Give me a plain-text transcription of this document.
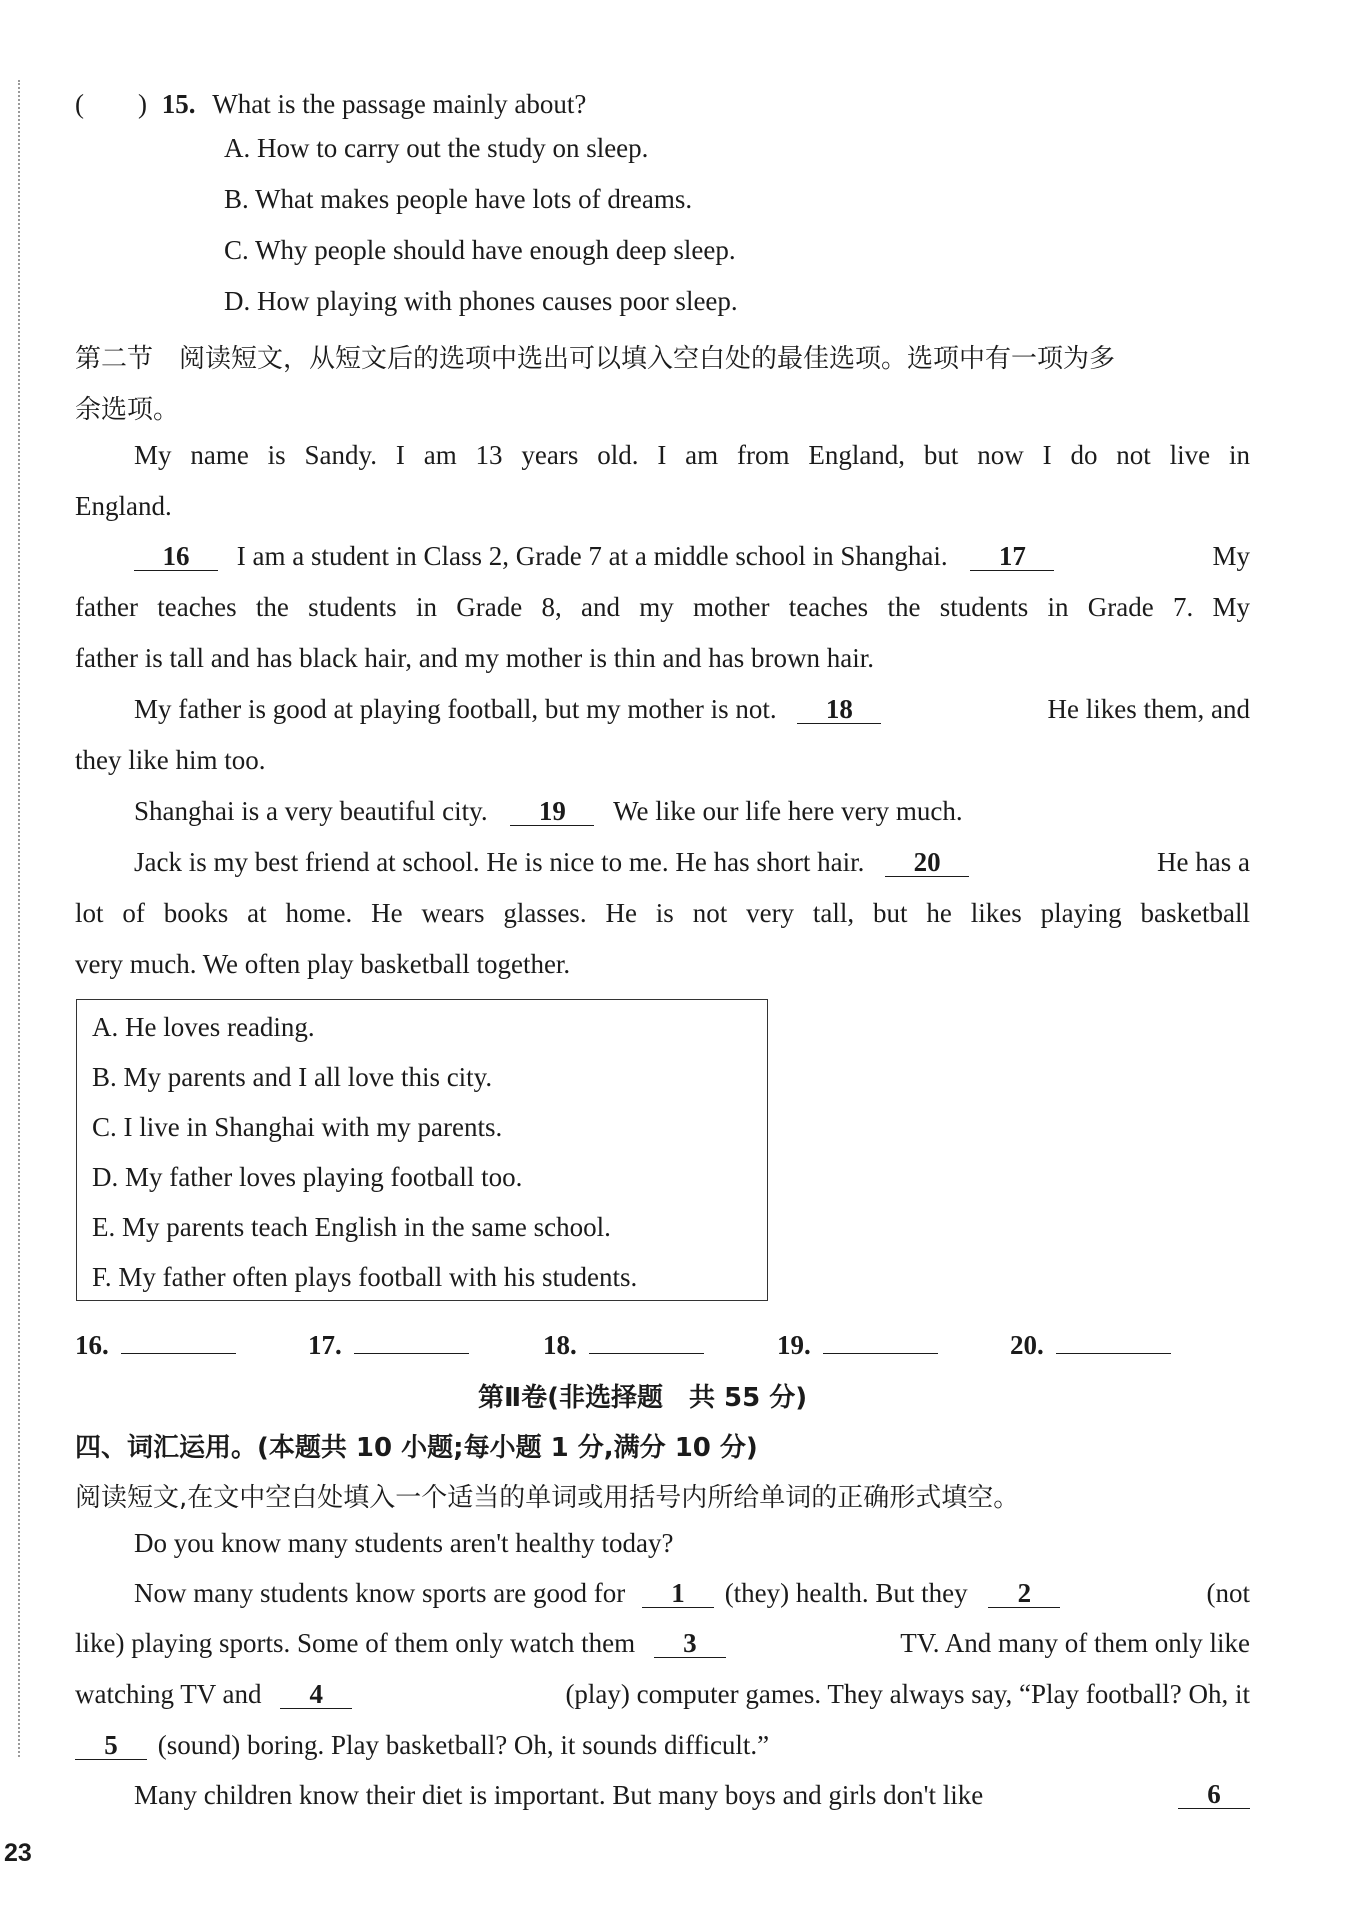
(　　) 15. What is the passage mainly about?
A. How to carry out the study on sleep.
B. What makes people have lots of dreams.
C. Why people should have enough deep sleep.
D. How playing with phones causes poor sleep.
第二节　阅读短文，从短文后的选项中选出可以填入空白处的最佳选项。选项中有一项为多
余选项。
My name is Sandy. I am 13 years old. I am from England, but now I do not live in
England.
16 I am a student in Class 2, Grade 7 at a middle school in Shanghai. 17	My
father teaches the students in Grade 8, and my mother teaches the students in Grade 7. My
father is tall and has black hair, and my mother is thin and has brown hair.
My father is good at playing football, but my mother is not. 18	He likes them, and
they like him too.
Shanghai is a very beautiful city. 19 We like our life here very much.
Jack is my best friend at school. He is nice to me. He has short hair. 20	He has a
lot of books at home. He wears glasses. He is not very tall, but he likes playing basketball
very much. We often play basketball together.
A. He loves reading.
B. My parents and I all love this city.
C. I live in Shanghai with my parents.
D. My father loves playing football too.
E. My parents teach English in the same school.
F. My father often plays football with his students.
16.	17.	18.	19.	20.
第Ⅱ卷(非选择题　共 55 分)
四、词汇运用。(本题共 10 小题;每小题 1 分,满分 10 分)
阅读短文,在文中空白处填入一个适当的单词或用括号内所给单词的正确形式填空。
Do you know many students aren't healthy today?
Now many students know sports are good for 1 (they) health. But they 2	(not
like) playing sports. Some of them only watch them 3	TV. And many of them only like
watching TV and 4	(play) computer games. They always say, “Play football? Oh, it
5 (sound) boring. Play basketball? Oh, it sounds difficult.”
Many children know their diet is important. But many boys and girls don't like	6
23
